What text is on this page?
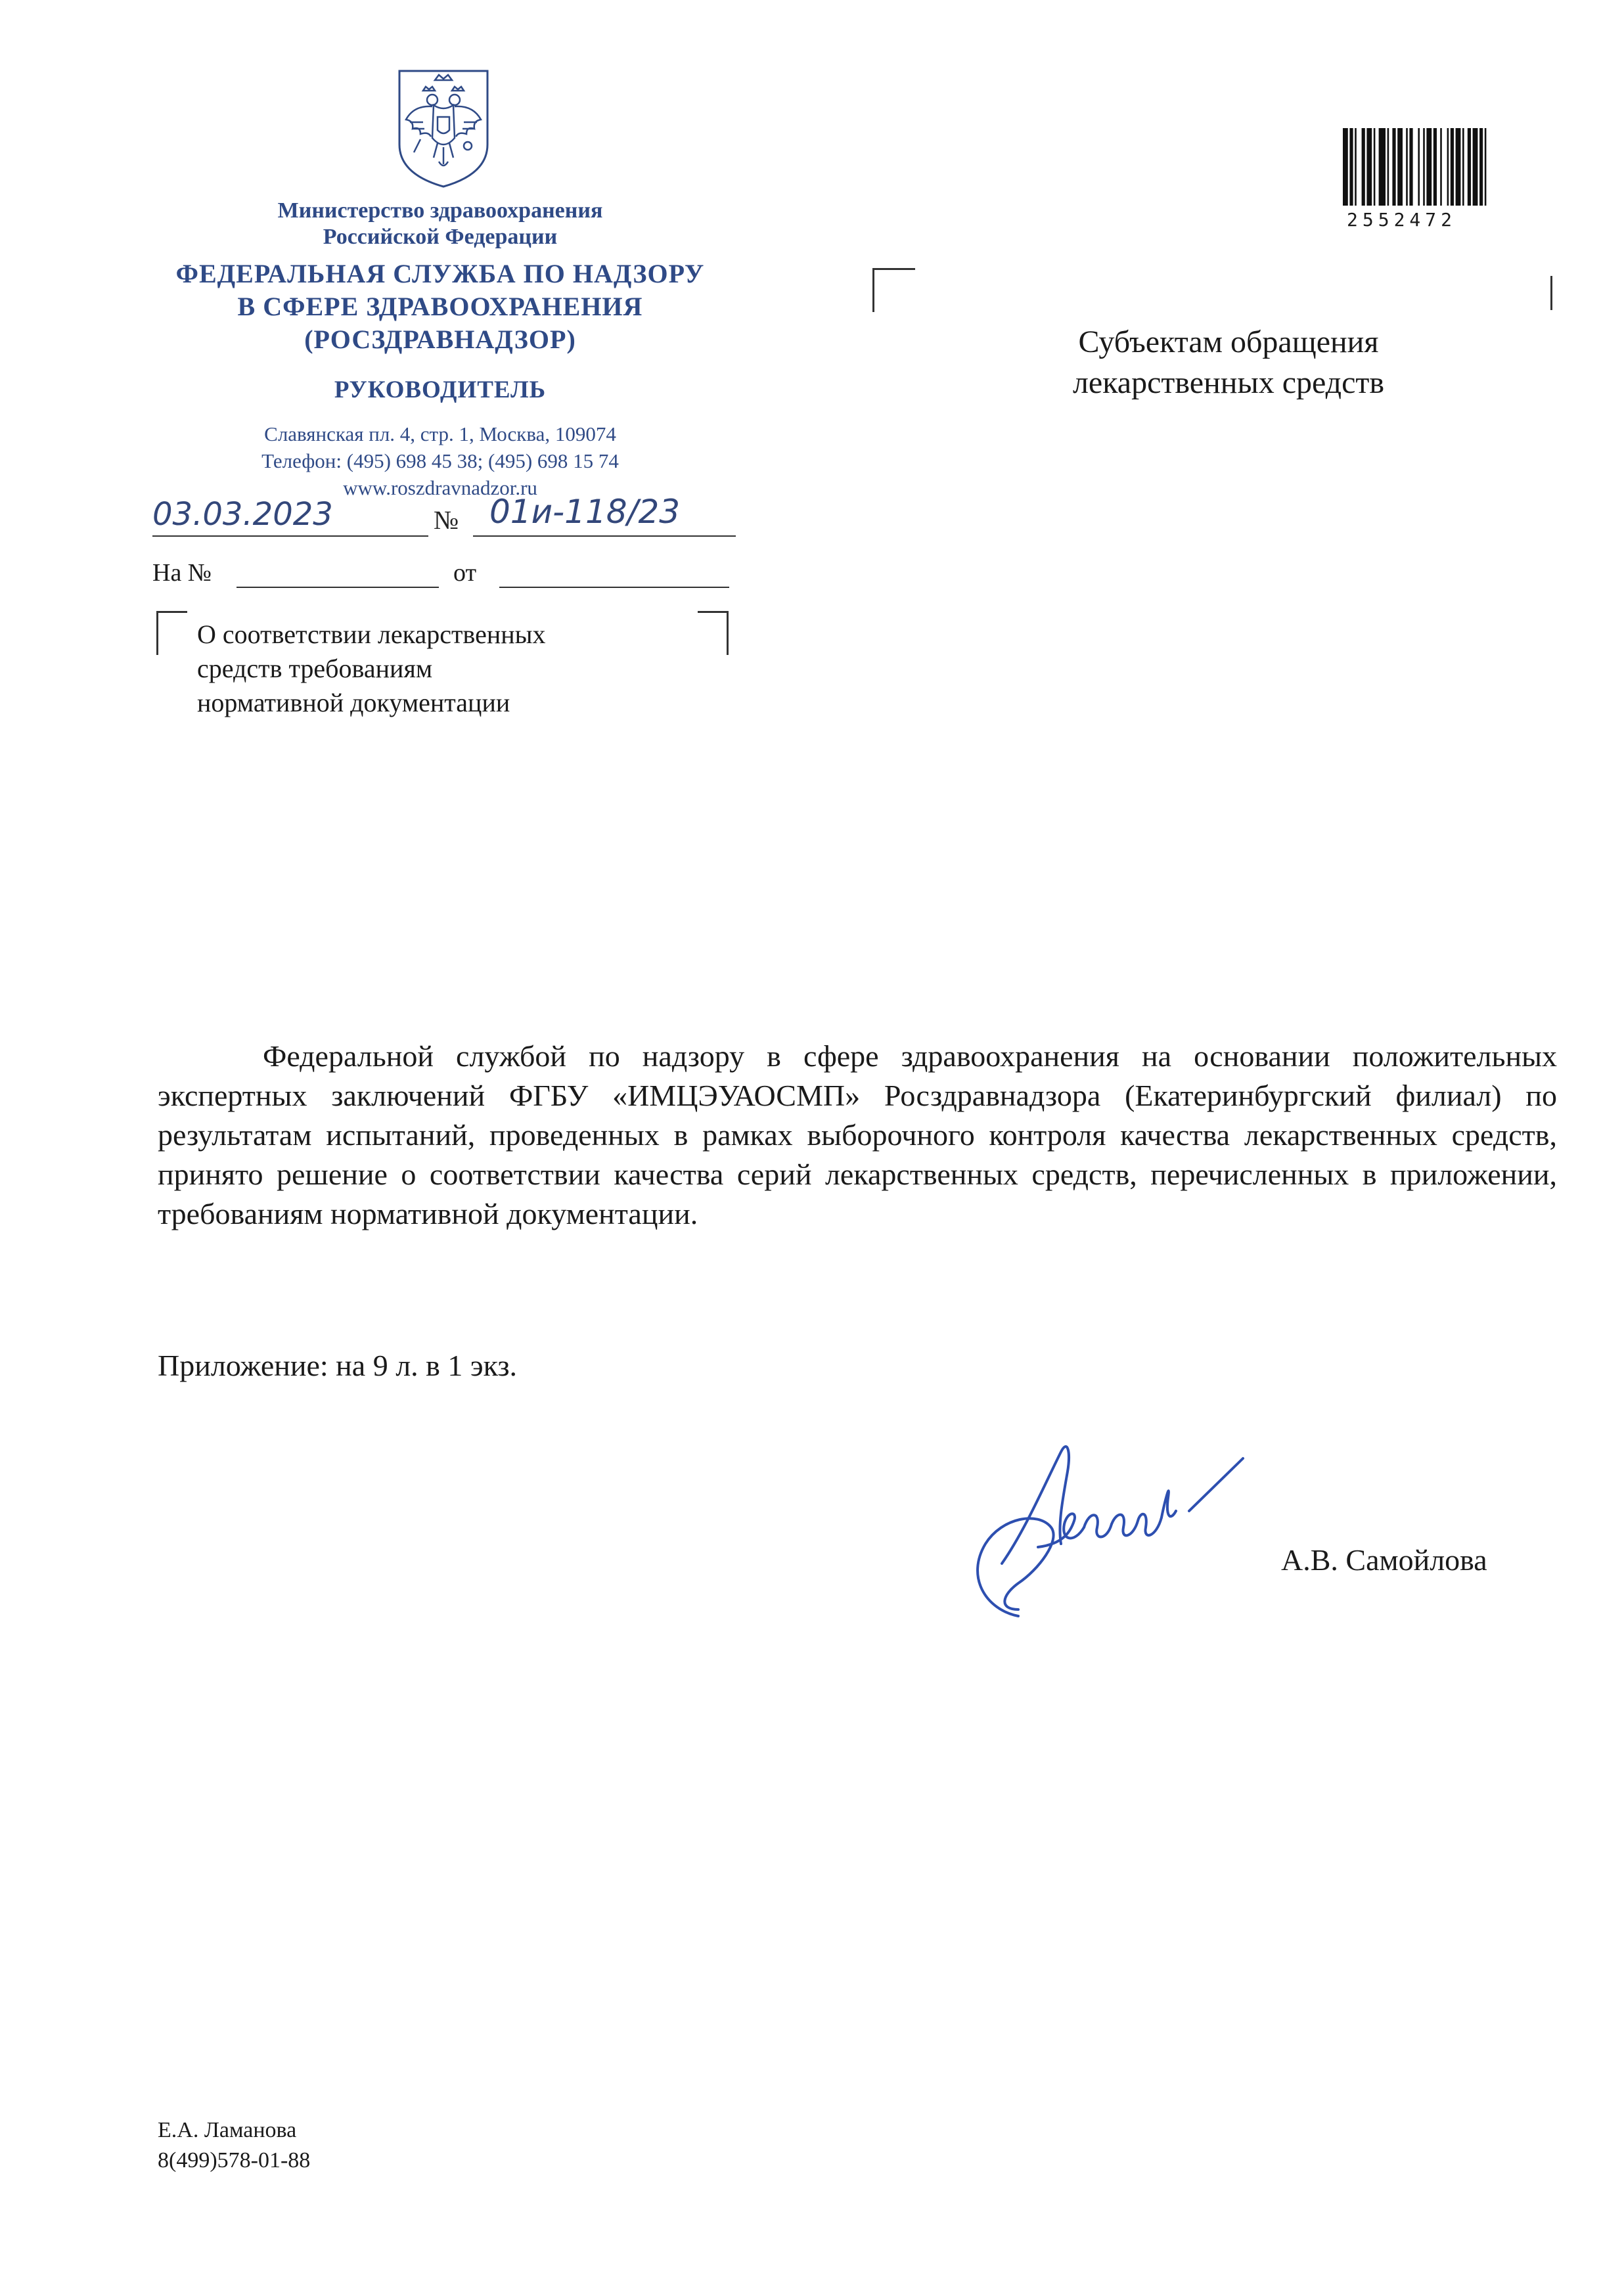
Министерство здравоохранения
Российской Федерации
ФЕДЕРАЛЬНАЯ СЛУЖБА ПО НАДЗОРУ
В СФЕРЕ ЗДРАВООХРАНЕНИЯ
(РОСЗДРАВНАДЗОР)
РУКОВОДИТЕЛЬ
Славянская пл. 4, стр. 1, Москва, 109074
Телефон: (495) 698 45 38; (495) 698 15 74
www.roszdravnadzor.ru
03.03.2023	№ 01и-118/23
На №	от
О соответствии лекарственных
средств требованиям
нормативной документации
2552472
Субъектам обращения
лекарственных средств
Федеральной службой по надзору в сфере здравоохранения на основании положительных экспертных заключений ФГБУ «ИМЦЭУАОСМП» Росздравнадзора (Екатеринбургский филиал) по результатам испытаний, проведенных в рамках выборочного контроля качества лекарственных средств, принято решение о соответствии качества серий лекарственных средств, перечисленных в приложении, требованиям нормативной документации.
Приложение: на 9 л. в 1 экз.
А.В. Самойлова
Е.А. Ламанова
8(499)578-01-88
